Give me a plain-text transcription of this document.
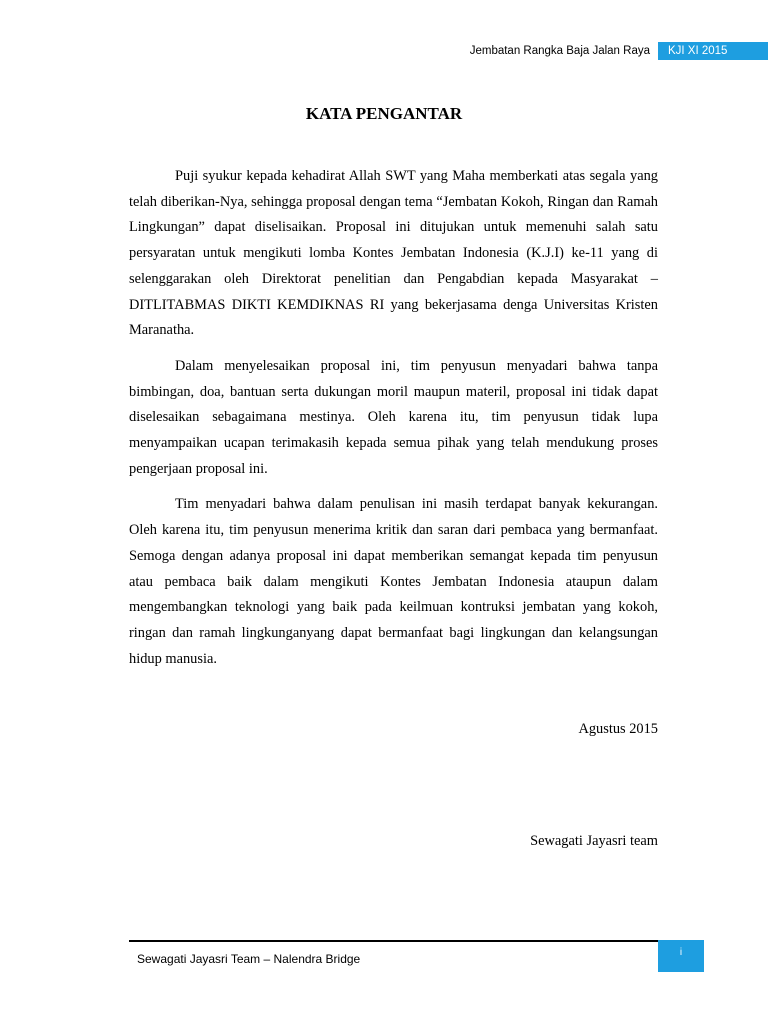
Jembatan Rangka Baja Jalan Raya	KJI XI 2015
KATA PENGANTAR

Puji syukur kepada kehadirat Allah SWT yang Maha memberkati atas segala yang telah diberikan-Nya, sehingga proposal dengan tema “Jembatan Kokoh, Ringan dan Ramah Lingkungan” dapat diselisaikan. Proposal ini ditujukan untuk memenuhi salah satu persyaratan untuk mengikuti lomba Kontes Jembatan Indonesia (K.J.I) ke-11 yang di selenggarakan oleh Direktorat penelitian dan Pengabdian kepada Masyarakat – DITLITABMAS DIKTI KEMDIKNAS RI yang bekerjasama denga Universitas Kristen Maranatha.

Dalam menyelesaikan proposal ini, tim penyusun menyadari bahwa tanpa bimbingan, doa, bantuan serta dukungan moril maupun materil, proposal ini tidak dapat diselesaikan sebagaimana mestinya. Oleh karena itu, tim penyusun tidak lupa menyampaikan ucapan terimakasih kepada semua pihak yang telah mendukung proses pengerjaan proposal ini.

Tim menyadari bahwa dalam penulisan ini masih terdapat banyak kekurangan. Oleh karena itu, tim penyusun menerima kritik dan saran dari pembaca yang bermanfaat. Semoga dengan adanya proposal ini dapat memberikan semangat kepada tim penyusun atau pembaca baik dalam mengikuti Kontes Jembatan Indonesia ataupun dalam mengembangkan teknologi yang baik pada keilmuan kontruksi jembatan yang kokoh, ringan dan ramah lingkunganyang dapat bermanfaat bagi lingkungan dan kelangsungan hidup manusia.

Agustus 2015
Sewagati Jayasri team
Sewagati Jayasri Team – Nalendra Bridge	i
